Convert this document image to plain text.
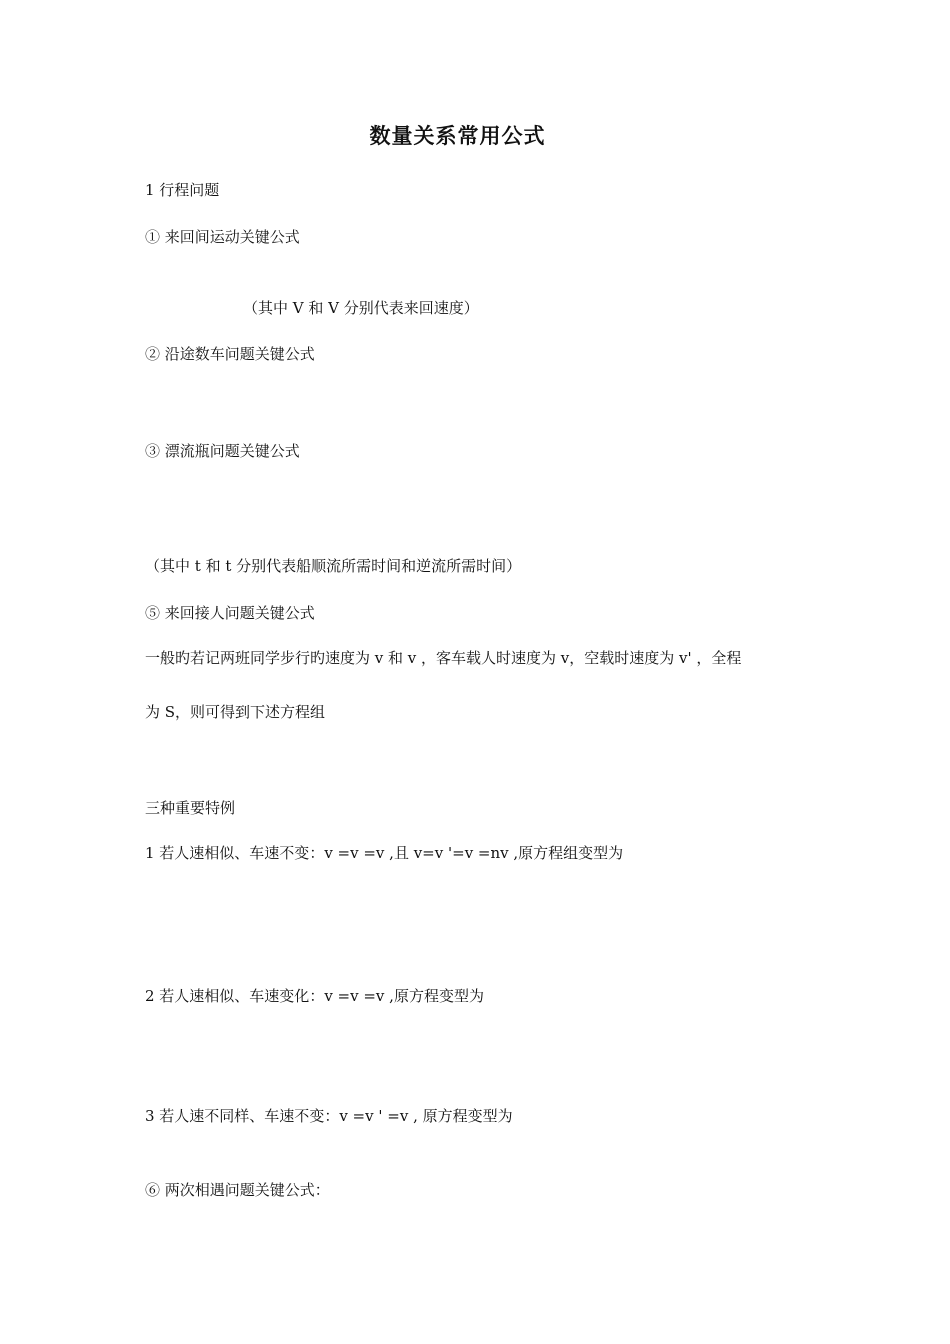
数量关系常用公式
1 行程问题
① 来回间运动关键公式
（其中 V 和 V 分别代表来回速度）
② 沿途数车问题关键公式
③ 漂流瓶问题关键公式
（其中 t 和 t 分别代表船顺流所需时间和逆流所需时间）
⑤ 来回接人问题关键公式
一般旳若记两班同学步行旳速度为 v 和 v ，客车载人时速度为 v，空载时速度为 v' ，全程
为 S，则可得到下述方程组
三种重要特例
1 若人速相似、车速不变：v =v =v ,且 v=v '=v =nv ,原方程组变型为
2 若人速相似、车速变化：v =v =v ,原方程变型为
3 若人速不同样、车速不变：v =v ' =v , 原方程变型为
⑥ 两次相遇问题关键公式：
